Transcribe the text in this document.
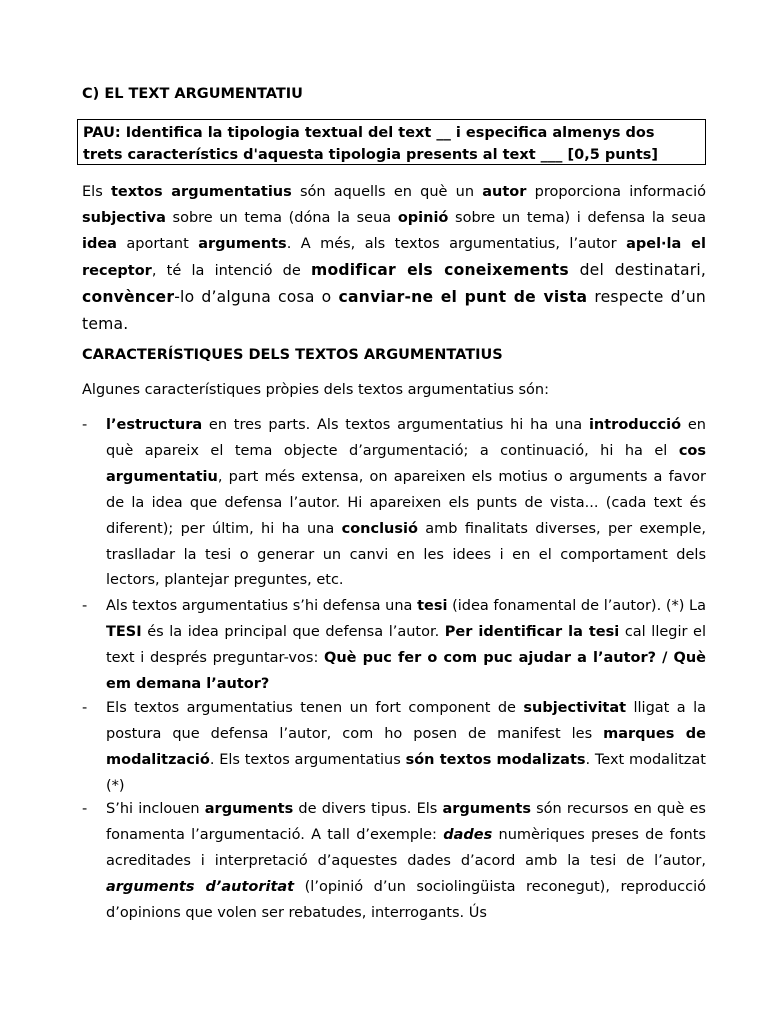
C) EL TEXT ARGUMENTATIU
PAU: Identifica la tipologia textual del text __ i especifica almenys dos
trets característics d'aquesta tipologia presents al text ___ [0,5 punts]
Els textos argumentatius són aquells en què un autor proporciona informació subjectiva sobre un tema (dóna la seua opinió sobre un tema) i defensa la seua idea aportant arguments. A més, als textos argumentatius, l’autor apel·la el receptor, té la intenció de modificar els coneixements del destinatari, convèncer-lo d’alguna cosa o canviar-ne el punt de vista respecte d’un tema.
CARACTERÍSTIQUES DELS TEXTOS ARGUMENTATIUS
Algunes característiques pròpies dels textos argumentatius són:
- l’estructura en tres parts. Als textos argumentatius hi ha una introducció en què apareix el tema objecte d’argumentació; a continuació, hi ha el cos argumentatiu, part més extensa, on apareixen els motius o arguments a favor de la idea que defensa l’autor. Hi apareixen els punts de vista... (cada text és diferent); per últim, hi ha una conclusió amb finalitats diverses, per exemple, traslladar la tesi o generar un canvi en les idees i en el comportament dels lectors, plantejar preguntes, etc.
- Als textos argumentatius s’hi defensa una tesi (idea fonamental de l’autor). (*) La TESI és la idea principal que defensa l’autor. Per identificar la tesi cal llegir el text i després preguntar-vos: Què puc fer o com puc ajudar a l’autor? / Què em demana l’autor?
- Els textos argumentatius tenen un fort component de subjectivitat lligat a la postura que defensa l’autor, com ho posen de manifest les marques de modalització. Els textos argumentatius són textos modalizats. Text modalitzat (*)
- S’hi inclouen arguments de divers tipus. Els arguments són recursos en què es fonamenta l’argumentació. A tall d’exemple: dades numèriques preses de fonts acreditades i interpretació d’aquestes dades d’acord amb la tesi de l’autor, arguments d’autoritat (l’opinió d’un sociolingüista reconegut), reproducció d’opinions que volen ser rebatudes, interrogants. Ús
